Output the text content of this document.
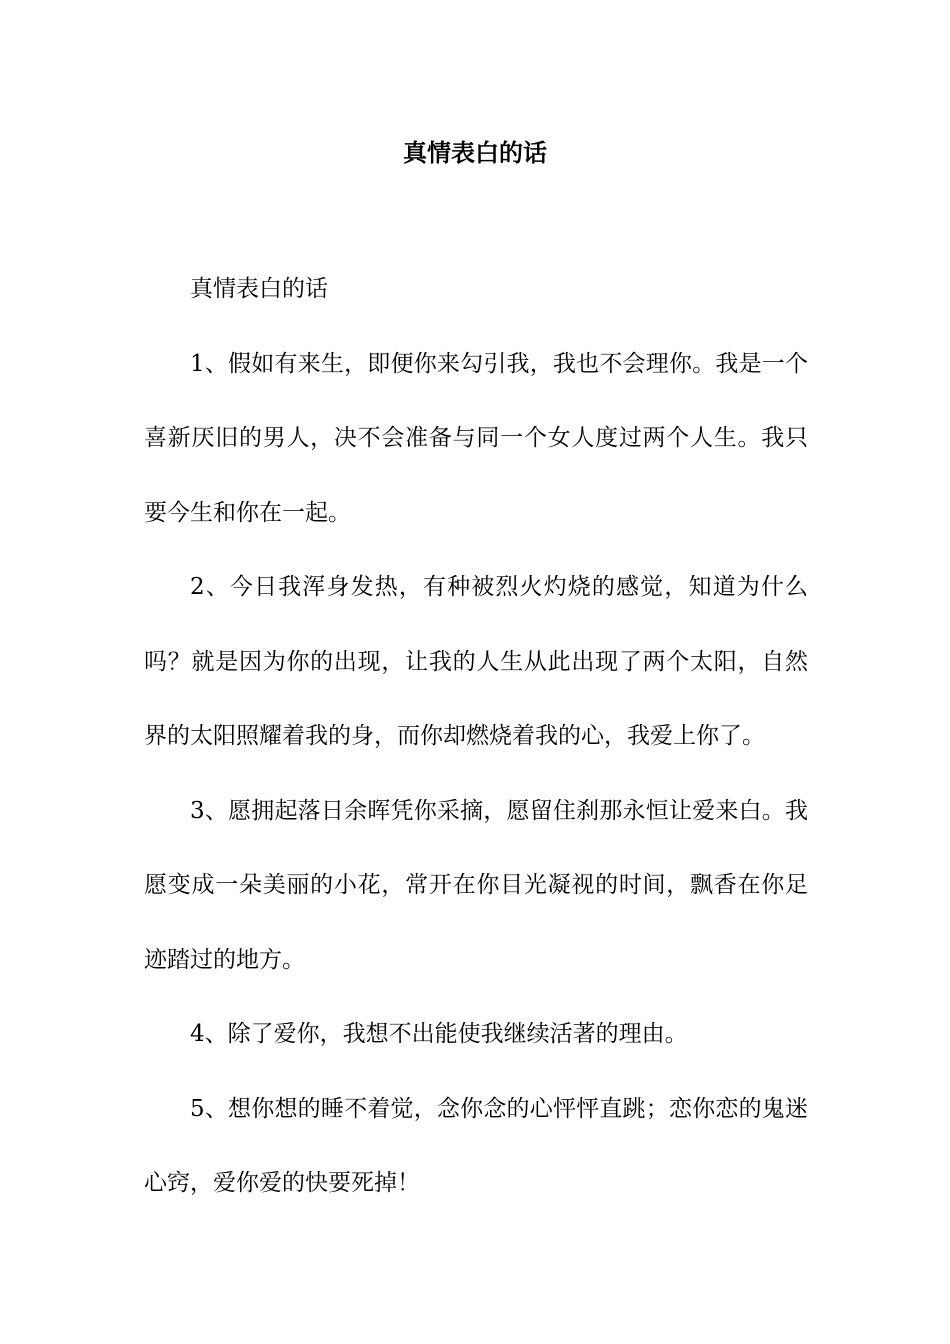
真情表白的话

真情表白的话

1、假如有来生，即便你来勾引我，我也不会理你。我是一个喜新厌旧的男人，决不会准备与同一个女人度过两个人生。我只要今生和你在一起。

2、今日我浑身发热，有种被烈火灼烧的感觉，知道为什么吗？就是因为你的出现，让我的人生从此出现了两个太阳，自然界的太阳照耀着我的身，而你却燃烧着我的心，我爱上你了。

3、愿拥起落日余晖凭你采摘，愿留住刹那永恒让爱来白。我愿变成一朵美丽的小花，常开在你目光凝视的时间，飘香在你足迹踏过的地方。

4、除了爱你，我想不出能使我继续活著的理由。

5、想你想的睡不着觉，念你念的心怦怦直跳；恋你恋的鬼迷心窍，爱你爱的快要死掉！
